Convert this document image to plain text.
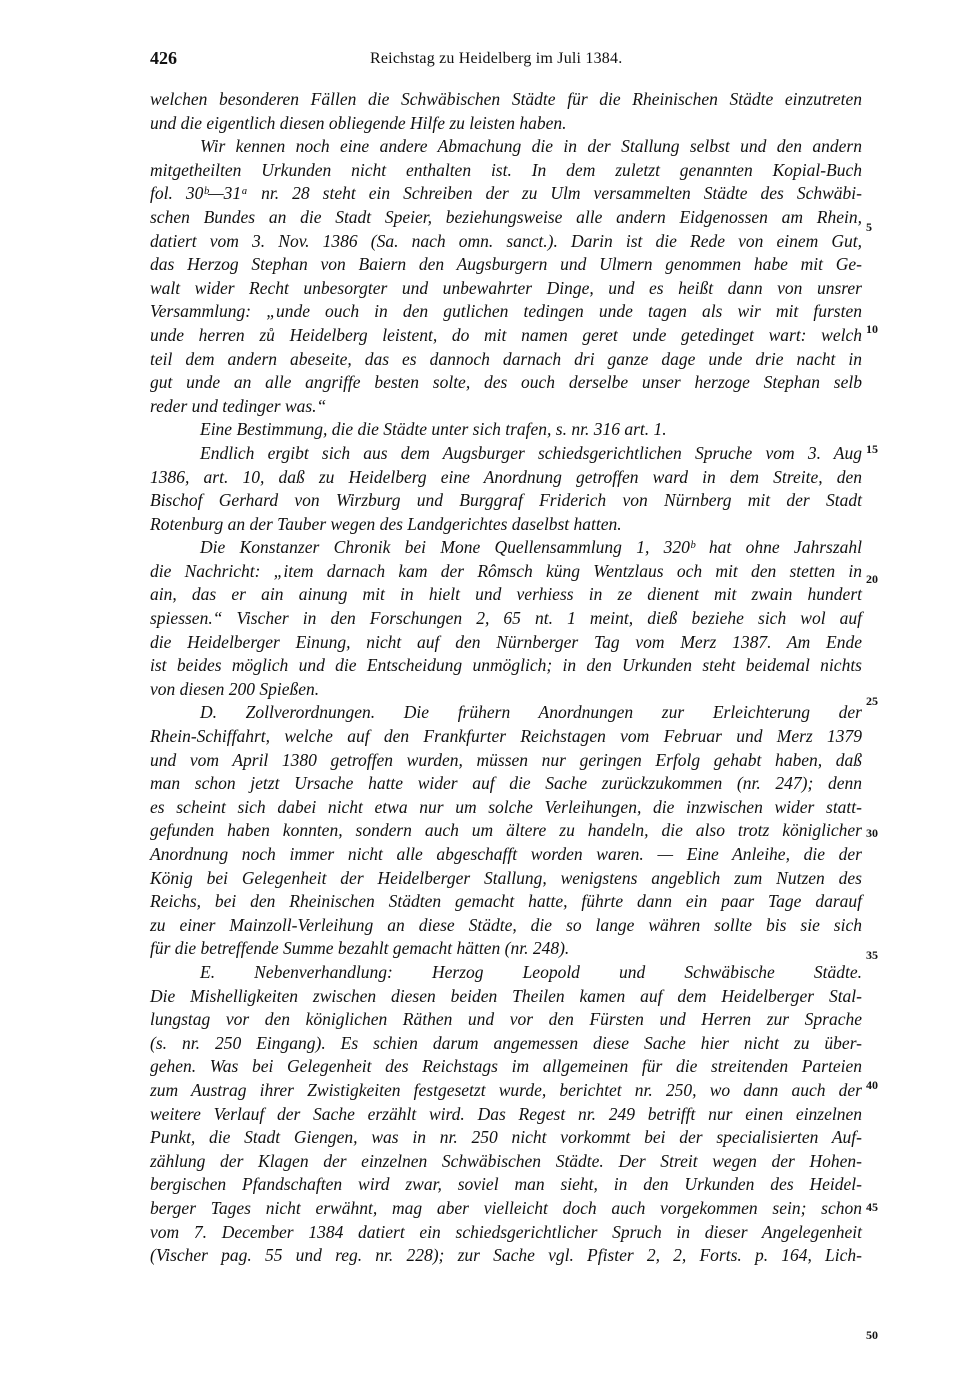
426	Reichstag zu Heidelberg im Juli 1384.
welchen besonderen Fällen die Schwäbischen Städte für die Rheinischen Städte einzutreten
und die eigentlich diesen obliegende Hilfe zu leisten haben.
Wir kennen noch eine andere Abmachung die in der Stallung selbst und den andern
mitgetheilten Urkunden nicht enthalten ist. In dem zuletzt genannten Kopial-Buch
fol. 30ᵇ—31ᵃ nr. 28 steht ein Schreiben der zu Ulm versammelten Städte des Schwäbi-
schen Bundes an die Stadt Speier, beziehungsweise alle andern Eidgenossen am Rhein,
datiert vom 3. Nov. 1386 (Sa. nach omn. sanct.). Darin ist die Rede von einem Gut,
das Herzog Stephan von Baiern den Augsburgern und Ulmern genommen habe mit Ge-
walt wider Recht unbesorgter und unbewahrter Dinge, und es heißt dann von unsrer
Versammlung: „unde ouch in den gutlichen tedingen unde tagen als wir mit fursten
unde herren zů Heidelberg leistent, do mit namen geret unde getedinget wart: welch
teil dem andern abeseite, das es dannoch darnach dri ganze dage unde drie nacht in
gut unde an alle angriffe besten solte, des ouch derselbe unser herzoge Stephan selb
reder und tedinger was.“
Eine Bestimmung, die die Städte unter sich trafen, s. nr. 316 art. 1.
Endlich ergibt sich aus dem Augsburger schiedsgerichtlichen Spruche vom 3. Aug
1386, art. 10, daß zu Heidelberg eine Anordnung getroffen ward in dem Streite, den
Bischof Gerhard von Wirzburg und Burggraf Friderich von Nürnberg mit der Stadt
Rotenburg an der Tauber wegen des Landgerichtes daselbst hatten.
Die Konstanzer Chronik bei Mone Quellensammlung 1, 320ᵇ hat ohne Jahrszahl
die Nachricht: „item darnach kam der Rômsch küng Wentzlaus och mit den stetten in
ain, das er ain ainung mit in hielt und verhiess in ze dienent mit zwain hundert
spiessen.“ Vischer in den Forschungen 2, 65 nt. 1 meint, dieß beziehe sich wol auf
die Heidelberger Einung, nicht auf den Nürnberger Tag vom Merz 1387. Am Ende
ist beides möglich und die Entscheidung unmöglich; in den Urkunden steht beidemal nichts
von diesen 200 Spießen.
D. Zollverordnungen. Die frühern Anordnungen zur Erleichterung der
Rhein-Schiffahrt, welche auf den Frankfurter Reichstagen vom Februar und Merz 1379
und vom April 1380 getroffen wurden, müssen nur geringen Erfolg gehabt haben, daß
man schon jetzt Ursache hatte wider auf die Sache zurückzukommen (nr. 247); denn
es scheint sich dabei nicht etwa nur um solche Verleihungen, die inzwischen wider statt-
gefunden haben konnten, sondern auch um ältere zu handeln, die also trotz königlicher
Anordnung noch immer nicht alle abgeschafft worden waren. — Eine Anleihe, die der
König bei Gelegenheit der Heidelberger Stallung, wenigstens angeblich zum Nutzen des
Reichs, bei den Rheinischen Städten gemacht hatte, führte dann ein paar Tage darauf
zu einer Mainzoll-Verleihung an diese Städte, die so lange währen sollte bis sie sich
für die betreffende Summe bezahlt gemacht hätten (nr. 248).
E. Nebenverhandlung: Herzog Leopold und Schwäbische Städte.
Die Mishelligkeiten zwischen diesen beiden Theilen kamen auf dem Heidelberger Stal-
lungstag vor den königlichen Räthen und vor den Fürsten und Herren zur Sprache
(s. nr. 250 Eingang). Es schien darum angemessen diese Sache hier nicht zu über-
gehen. Was bei Gelegenheit des Reichstags im allgemeinen für die streitenden Parteien
zum Austrag ihrer Zwistigkeiten festgesetzt wurde, berichtet nr. 250, wo dann auch der
weitere Verlauf der Sache erzählt wird. Das Regest nr. 249 betrifft nur einen einzelnen
Punkt, die Stadt Giengen, was in nr. 250 nicht vorkommt bei der specialisierten Auf-
zählung der Klagen der einzelnen Schwäbischen Städte. Der Streit wegen der Hohen-
bergischen Pfandschaften wird zwar, soviel man sieht, in den Urkunden des Heidel-
berger Tages nicht erwähnt, mag aber vielleicht doch auch vorgekommen sein; schon
vom 7. December 1384 datiert ein schiedsgerichtlicher Spruch in dieser Angelegenheit
(Vischer pag. 55 und reg. nr. 228); zur Sache vgl. Pfister 2, 2, Forts. p. 164, Lich-
5
10
15
20
25
30
35
40
45
50
